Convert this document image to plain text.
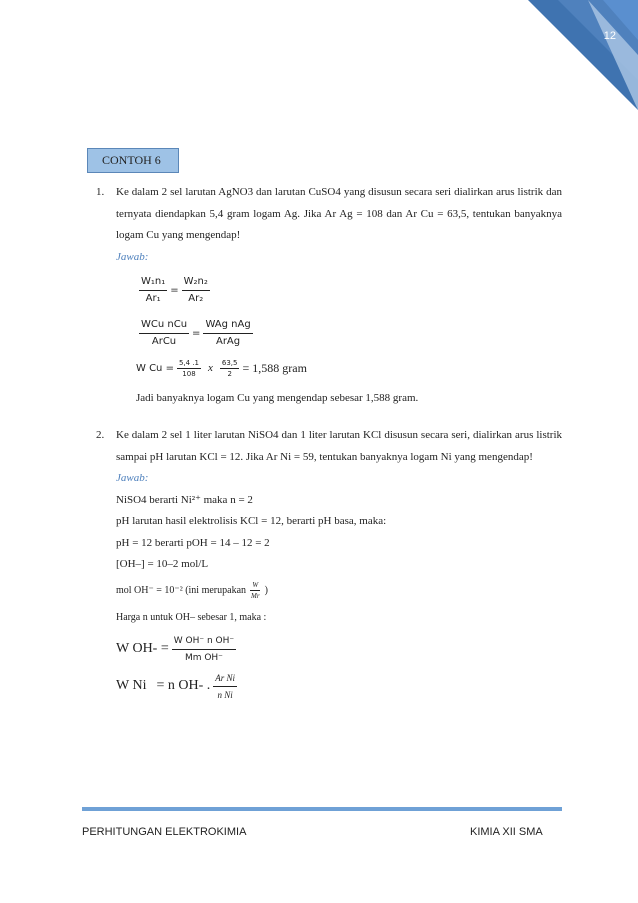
12
CONTOH 6
1. Ke dalam 2 sel larutan AgNO3 dan larutan CuSO4 yang disusun secara seri dialirkan arus listrik dan ternyata diendapkan 5,4 gram logam Ag. Jika Ar Ag = 108 dan Ar Cu = 63,5, tentukan banyaknya logam Cu yang mengendap!
Jawab:
$\frac{\text{W₁n₁}}{\text{Ar₁}} = \frac{\text{W₂n₂}}{\text{Ar₂}}$
$\frac{\text{WCu nCu}}{\text{ArCu}} = \frac{\text{WAg nAg}}{\text{ArAg}}$
W $Cu = \frac{5,4 .1}{108}$ x $\frac{63,5}{2} = 1,588$ gram
Jadi banyaknya logam Cu yang mengendap sebesar 1,588 gram.
2. Ke dalam 2 sel 1 liter larutan NiSO4 dan 1 liter larutan KCl disusun secara seri, dialirkan arus listrik sampai pH larutan KCl = 12. Jika Ar Ni = 59, tentukan banyaknya logam Ni yang mengendap!
Jawab:
NiSO4 berarti Ni²⁺ maka n = 2
pH larutan hasil elektrolisis KCl = 12, berarti pH basa, maka:
pH = 12 berarti pOH = 14 – 12 = 2
[OH–] = 10–2 mol/L
mol OH⁻ = 10⁻² (ini merupakan $\frac{W}{Mr}$ )
Harga n untuk OH– sebesar 1, maka :
W $OH- = \frac{\text{W OH⁻ n OH⁻}}{\text{Mm OH⁻}}$
W Ni = n OH- . $\frac{\text{Ar Ni}}{\text{n Ni}}$
PERHITUNGAN ELEKTROKIMIA	KIMIA XII SMA
